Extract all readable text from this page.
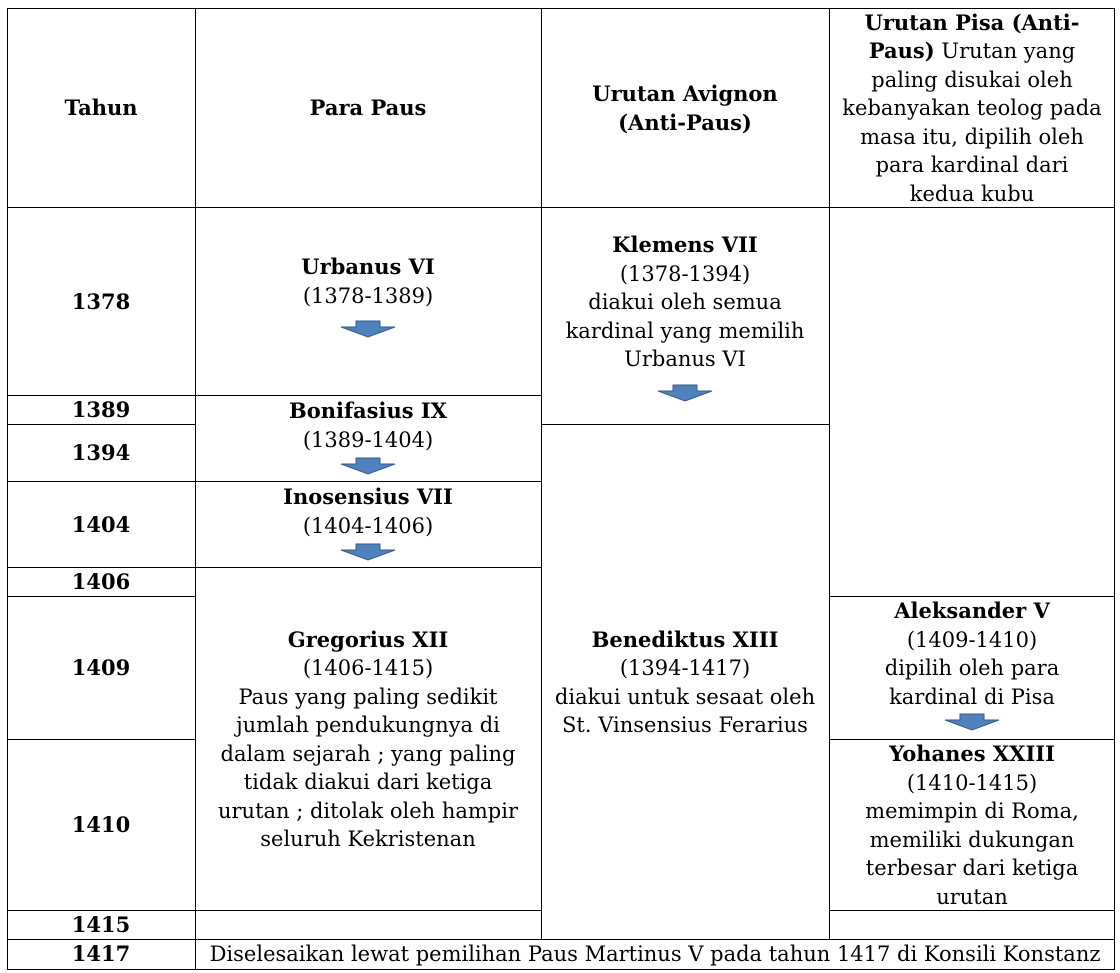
Tahun	Para Paus
Urutan Avignon (Anti-Paus)
Urutan Pisa (Anti-Paus) Urutan yang paling disukai oleh kebanyakan teolog pada masa itu, dipilih oleh para kardinal dari kedua kubu
1378
1389
1394
1404
1406
1409
1410
1415
1417
Urbanus VI
(1378-1389)
Bonifasius IX
(1389-1404)
Inosensius VII
(1404-1406)
Gregorius XII
(1406-1415)
Paus yang paling sedikit jumlah pendukungnya di dalam sejarah ; yang paling tidak diakui dari ketiga urutan ; ditolak oleh hampir seluruh Kekristenan
Klemens VII
(1378-1394)
diakui oleh semua kardinal yang memilih Urbanus VI
Benediktus XIII
(1394-1417)
diakui untuk sesaat oleh St. Vinsensius Ferarius
Aleksander V
(1409-1410)
dipilih oleh para kardinal di Pisa
Yohanes XXIII
(1410-1415)
memimpin di Roma, memiliki dukungan terbesar dari ketiga urutan
Diselesaikan lewat pemilihan Paus Martinus V pada tahun 1417 di Konsili Konstanz
